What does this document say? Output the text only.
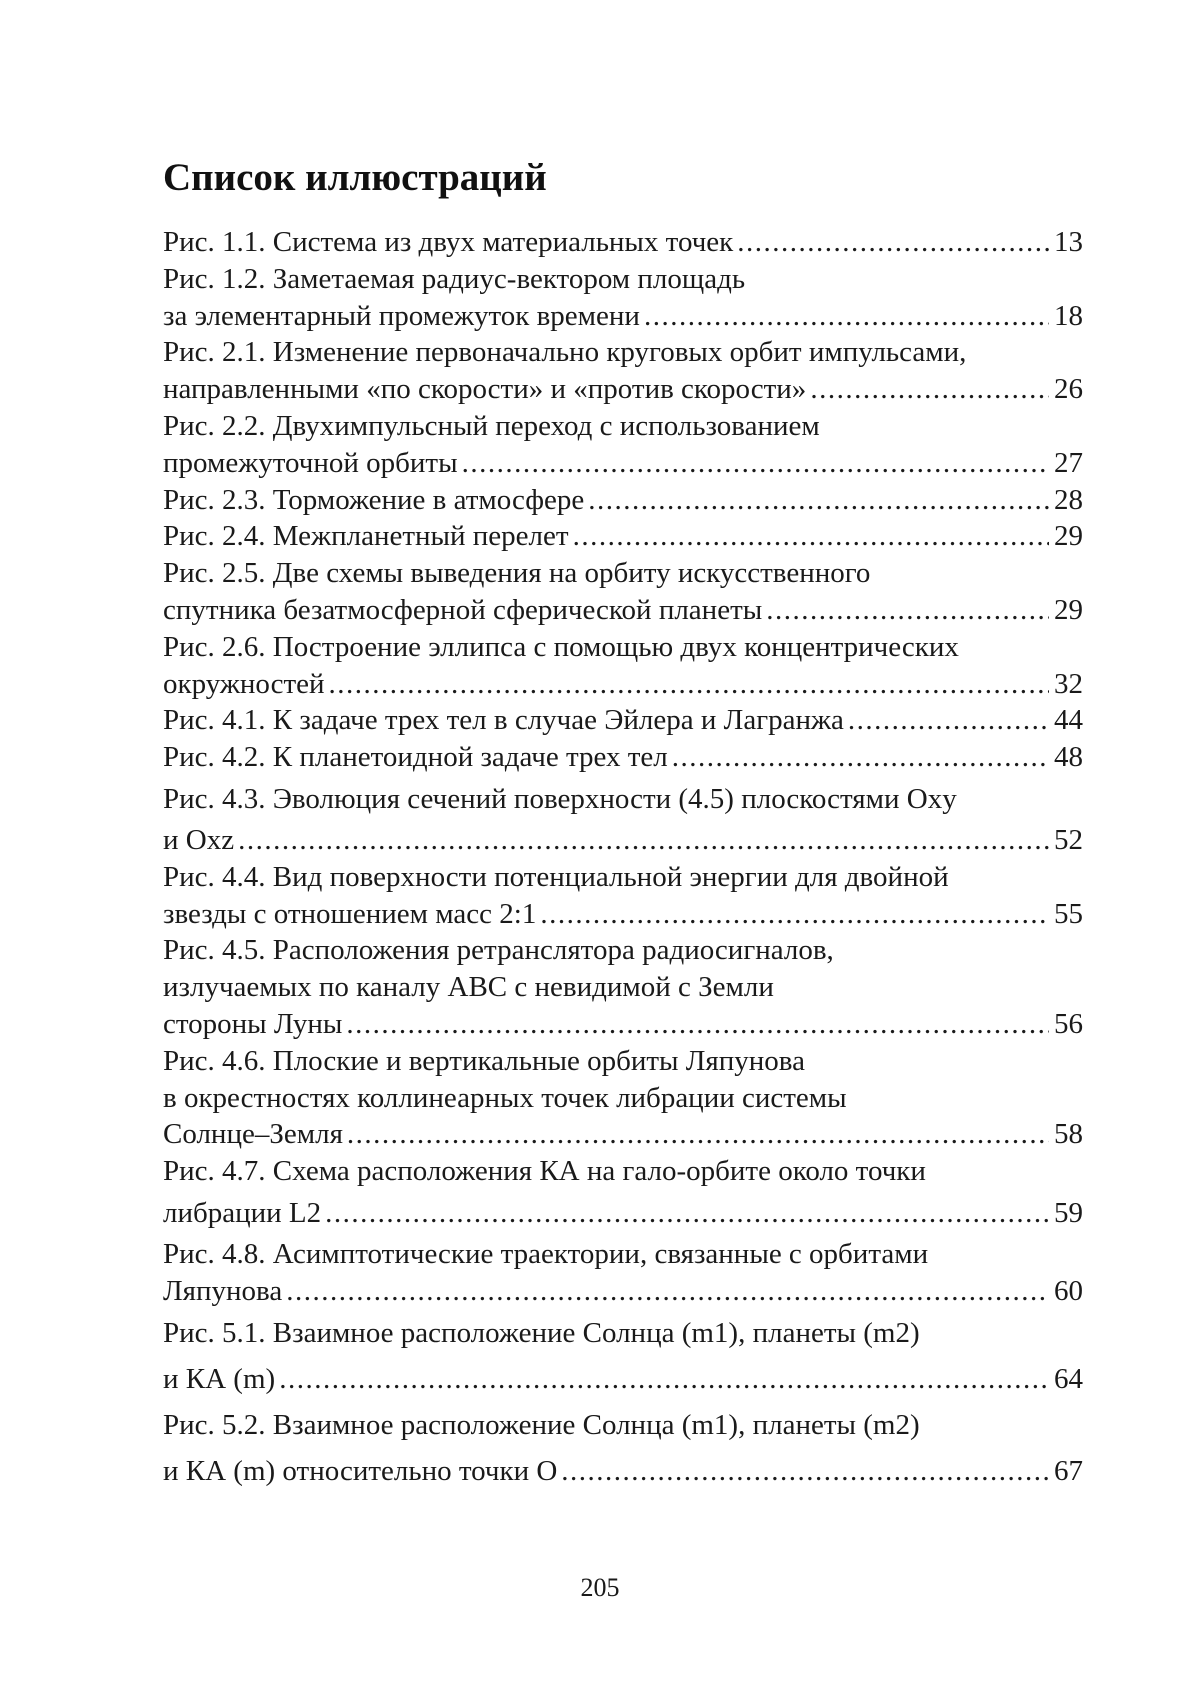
Список иллюстраций
Рис. 1.1. Система из двух материальных точек .....	13
Рис. 1.2. Заметаемая радиус-вектором площадь
за элементарный промежуток времени .....	18
Рис. 2.1. Изменение первоначально круговых орбит импульсами,
направленными «по скорости» и «против скорости» .....	26
Рис. 2.2. Двухимпульсный переход с использованием
промежуточной орбиты .....	27
Рис. 2.3. Торможение в атмосфере .....	28
Рис. 2.4. Межпланетный перелет .....	29
Рис. 2.5. Две схемы выведения на орбиту искусственного
спутника безатмосферной сферической планеты .....	29
Рис. 2.6. Построение эллипса с помощью двух концентрических
окружностей .....	32
Рис. 4.1. К задаче трех тел в случае Эйлера и Лагранжа .....	44
Рис. 4.2. К планетоидной задаче трех тел .....	48
Рис. 4.3. Эволюция сечений поверхности (4.5) плоскостями Oxy
и Oxz .....	52
Рис. 4.4. Вид поверхности потенциальной энергии для двойной
звезды с отношением масс 2:1 .....	55
Рис. 4.5. Расположения ретранслятора радиосигналов,
излучаемых по каналу ABC с невидимой с Земли
стороны Луны .....	56
Рис. 4.6. Плоские и вертикальные орбиты Ляпунова
в окрестностях коллинеарных точек либрации системы
Солнце–Земля .....	58
Рис. 4.7. Схема расположения КА на гало-орбите около точки
либрации L2 .....	59
Рис. 4.8. Асимптотические траектории, связанные с орбитами
Ляпунова .....	60
Рис. 5.1. Взаимное расположение Солнца (m1), планеты (m2)
и КА (m) .....	64
Рис. 5.2. Взаимное расположение Солнца (m1), планеты (m2)
и КА (m) относительно точки O .....	67
205
